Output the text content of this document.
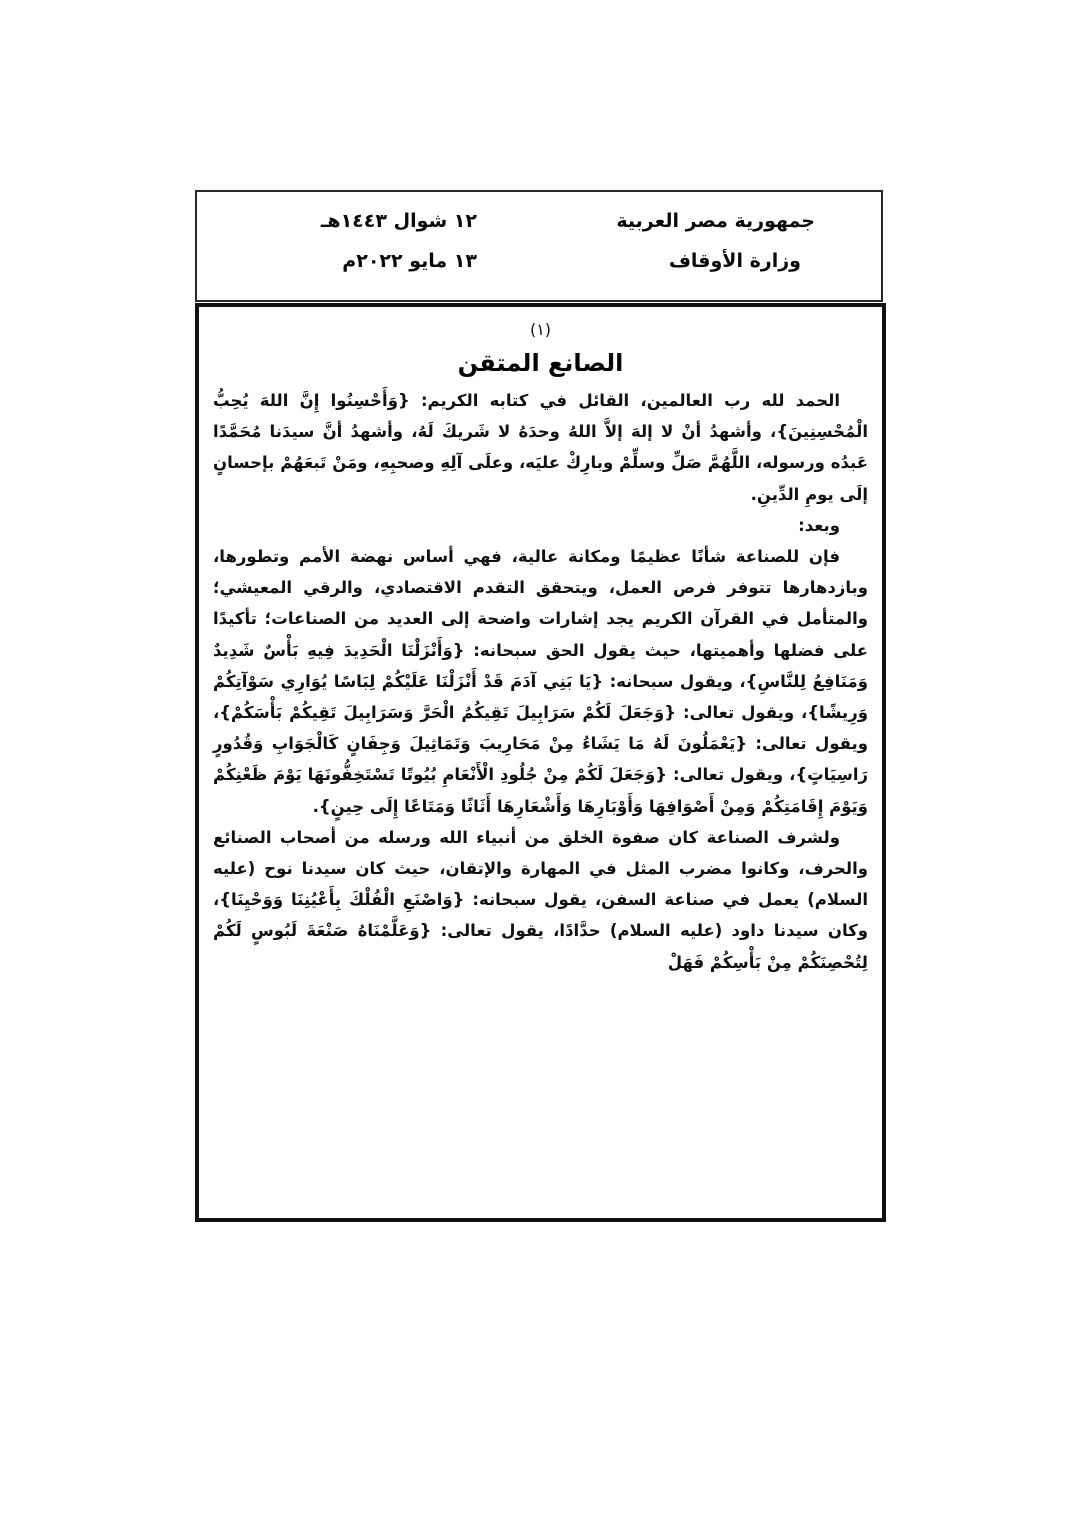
جمهورية مصر العربية
وزارة الأوقاف
١٢ شوال ١٤٤٣هـ
١٣ مايو ٢٠٢٢م
(١)
الصانع المتقن

الحمد لله رب العالمين، القائل في كتابه الكريم: {وَأَحْسِنُوا إِنَّ اللهَ يُحِبُّ الْمُحْسِنِينَ}، وأشهدُ أنْ لا إلهَ إلاَّ اللهُ وحدَهُ لا شَريكَ لَهُ، وأشهدُ أنَّ سيدَنا مُحَمَّدًا عَبدُه ورسوله، اللَّهُمَّ صَلِّ وسلِّمْ وبارِكْ عليَه، وعلَى آلِهِ وصحبِهِ، ومَنْ تَبعَهُمْ بإحسانٍ إلَى يومِ الدِّينِ.

وبعد:

فإن للصناعة شأنًا عظيمًا ومكانة عالية، فهي أساس نهضة الأمم وتطورها، وبازدهارها تتوفر فرص العمل، ويتحقق التقدم الاقتصادي، والرقي المعيشي؛ والمتأمل في القرآن الكريم يجد إشارات واضحة إلى العديد من الصناعات؛ تأكيدًا على فضلها وأهميتها، حيث يقول الحق سبحانه: {وَأَنْزَلْنَا الْحَدِيدَ فِيهِ بَأْسٌ شَدِيدٌ وَمَنَافِعُ لِلنَّاسِ}، ويقول سبحانه: {يَا بَنِي آدَمَ قَدْ أَنْزَلْنَا عَلَيْكُمْ لِبَاسًا يُوَارِي سَوْآتِكُمْ وَرِيشًا}، ويقول تعالى: {وَجَعَلَ لَكُمْ سَرَابِيلَ تَقِيكُمُ الْحَرَّ وَسَرَابِيلَ تَقِيكُمْ بَأْسَكُمْ}، ويقول تعالى: {يَعْمَلُونَ لَهُ مَا يَشَاءُ مِنْ مَحَارِيبَ وَتَمَاثِيلَ وَجِفَانٍ كَالْجَوَابِ وَقُدُورٍ رَاسِيَاتٍ}، ويقول تعالى: {وَجَعَلَ لَكُمْ مِنْ جُلُودِ الْأَنْعَامِ بُيُوتًا تَسْتَخِفُّونَهَا يَوْمَ ظَعْنِكُمْ وَيَوْمَ إِقَامَتِكُمْ وَمِنْ أَصْوَافِهَا وَأَوْبَارِهَا وَأَشْعَارِهَا أَثَاثًا وَمَتَاعًا إِلَى حِينٍ}.

ولشرف الصناعة كان صفوة الخلق من أنبياء الله ورسله من أصحاب الصنائع والحرف، وكانوا مضرب المثل في المهارة والإتقان، حيث كان سيدنا نوح (عليه السلام) يعمل في صناعة السفن، يقول سبحانه: {وَاصْنَعِ الْفُلْكَ بِأَعْيُنِنَا وَوَحْيِنَا}، وكان سيدنا داود (عليه السلام) حدَّادًا، يقول تعالى: {وَعَلَّمْنَاهُ صَنْعَةَ لَبُوسٍ لَكُمْ لِتُحْصِنَكُمْ مِنْ بَأْسِكُمْ فَهَلْ
